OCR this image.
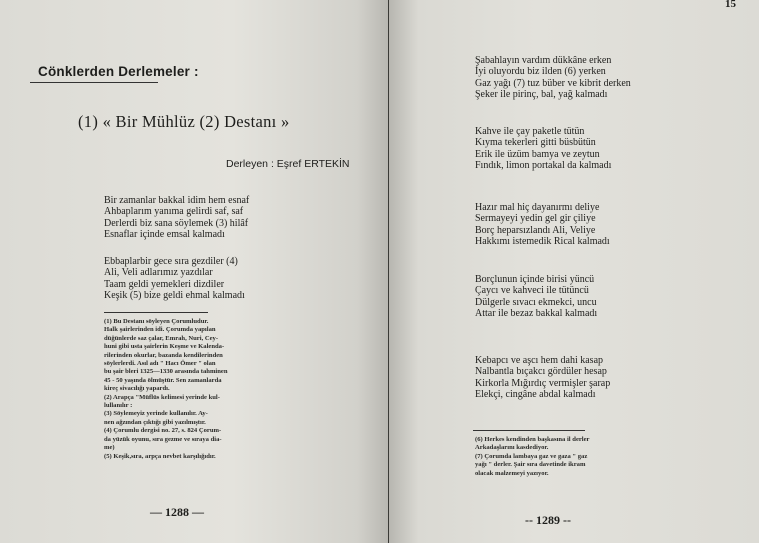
Cönklerden Derlemeler :
(1) « Bir Mühlüz (2) Destanı »
Derleyen : Eşref ERTEKİN
Bir zamanlar bakkal idim hem esnaf
Ahbaplarım yanıma gelirdi saf, saf
Derlerdi biz sana söylemek (3) hilâf
Esnaflar içinde emsal kalmadı
Ebbaplarbir gece sıra gezdiler (4)
Ali, Veli adlarımız yazdılar
Taam geldi yemekleri dizdiler
Keşik (5) bize geldi ehmal kalmadı
(1) Bu Destanı söyleyen Çorumludur.
Halk şairlerinden idi. Çorumda yapılan
düğünlerde saz çalar, Emrah, Nuri, Cey-
huni gibi usta şairlerin Keşme ve Kalenda-
rilerinden okurlar, bazanda kendilerinden
söylerlerdi. Asıl adı " Hacı Ömer " olan
bu şair bleri 1325—1330 arasında tahminen
45 - 50 yaşında ölmüştür. Sen zamanlarda
kireç sivacılığı yapardı.
(2) Arapça "Müflüs kelimesi yerinde kul-
lullanılır :
(3) Söylemeyiz yerinde kullanılır. Ay-
nen ağzından çıktığı gibi yazılmıştır.
(4) Çorumlu dergisi no. 27, s. 824 Çorum-
da yüzük oyunu, sıra gezme ve sıraya dia-
me)
(5) Keşik,sıra, arpça nevbet karşılığıdır.
— 1288 —
15
Şabahlayın vardım dükkâne erken
İyi oluyordu biz ilden (6) yerken
Gaz yağı (7) tuz büber ve kibrit derken
Şeker ile pirinç, bal, yağ kalmadı
Kahve ile çay paketle tütün
Kıyma tekerleri gitti büsbütün
Erik ile üzüm bamya ve zeytun
Fındık, limon portakal da kalmadı
Hazır mal hiç dayanırmı deliye
Sermayeyi yedin gel gir çiliye
Borç heparsızlandı Ali, Veliye
Hakkımı istemedik Rical kalmadı
Borçlunun içinde birisi yüncü
Çaycı ve kahveci ile tütüncü
Dülgerle sıvacı ekmekci, uncu
Attar ile bezaz bakkal kalmadı
Kebapcı ve aşcı hem dahi kasap
Nalbantla bıçakcı gördüler hesap
Kirkorla Mığırdıç vermişler şarap
Elekçi, cingâne abdal kalmadı
(6) Herkes kendinden başkasına il derler
Arkadaşlarını kasdediyor.
(7) Çorumda lambaya gaz ve gaza " gaz
yağı " derler. Şair sıra davetinde ikram
olacak malzemeyi yazıyor.
-- 1289 --
